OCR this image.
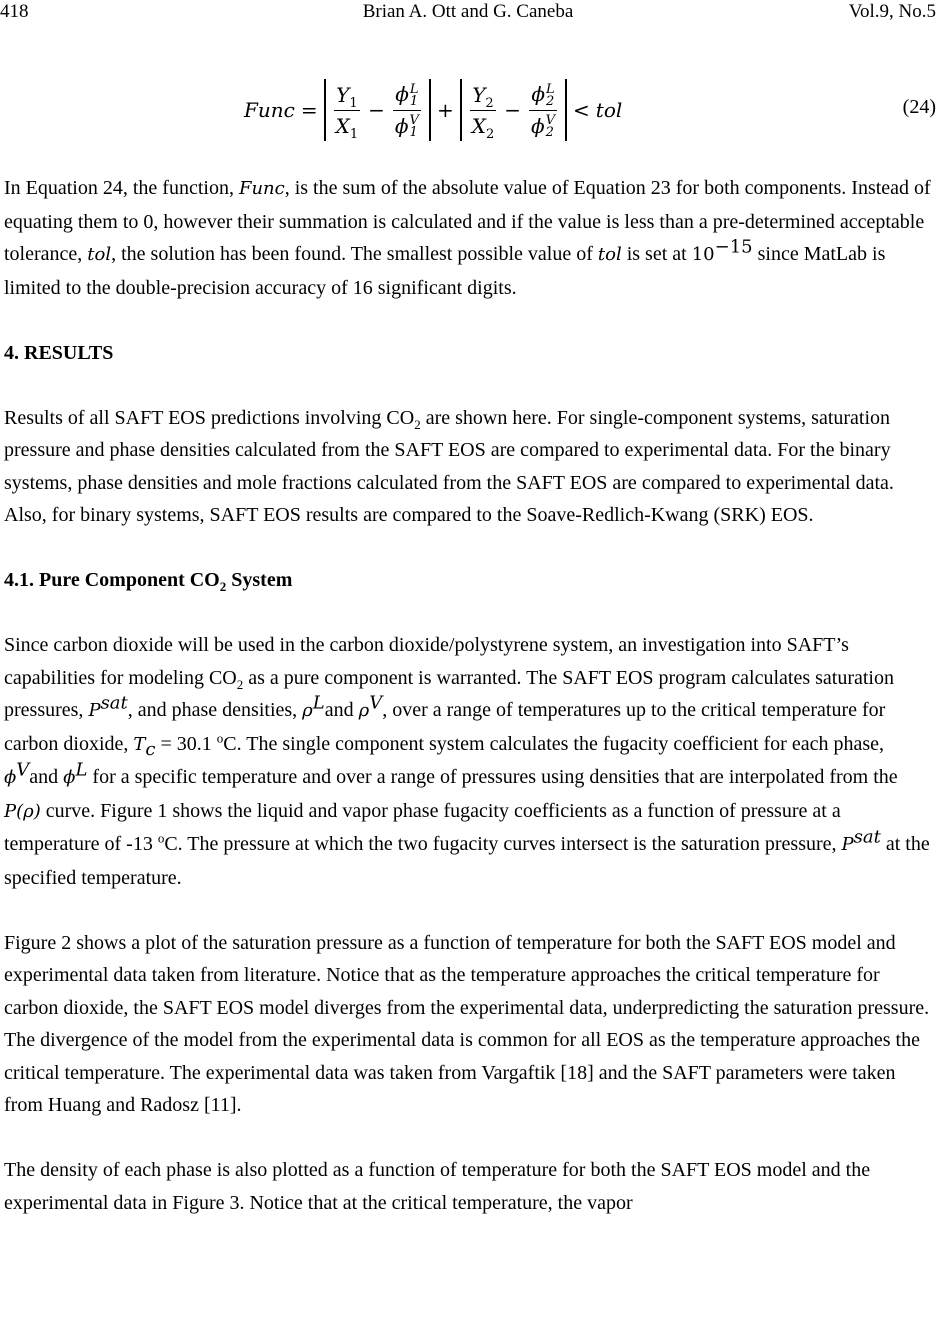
418	Brian A. Ott and G. Caneba	Vol.9, No.5
Func = $\frac{Y_1}{X_1} - \phi$ L
1
ϕ V
$1 + \frac{Y_2}{X_2} - \phi$ L
2
ϕ V
2 < tol	(24)

In Equation 24, the function, Func, is the sum of the absolute value of Equation 23 for both components. Instead of equating them to 0, however their summation is calculated and if the value is less than a pre-determined acceptable tolerance, tol, the solution has been found. The smallest possible value of tol is set at $10^{-15}$ since MatLab is limited to the double-precision accuracy of 16 significant digits.

4. RESULTS

Results of all SAFT EOS predictions involving $CO_2$ are shown here. For single-component systems, saturation pressure and phase densities calculated from the SAFT EOS are compared to experimental data. For the binary systems, phase densities and mole fractions calculated from the SAFT EOS are compared to experimental data. Also, for binary systems, SAFT EOS results are compared to the Soave-Redlich-Kwang (SRK) EOS.

4.1. Pure Component $CO_2$ System

Since carbon dioxide will be used in the carbon dioxide/polystyrene system, an investigation into SAFT’s capabilities for modeling $CO_2$ as a pure component is warranted. The SAFT EOS program calculates saturation pressures, $P^{sat}$, and phase densities, $\rho^Land$ $\rho^V$, over a range of temperatures up to the critical temperature for carbon dioxide, $T_c = 30.1$ $^o$C. The single component system calculates the fugacity coefficient for each phase, $\phi^Vand$ $\phi^L$ for a specific temperature and over a range of pressures using densities that are interpolated from the P(ρ) curve. Figure 1 shows the liquid and vapor phase fugacity coefficients as a function of pressure at a temperature of -13 $^o$C. The pressure at which the two fugacity curves intersect is the saturation pressure, $P^{sat}$ at the specified temperature.

Figure 2 shows a plot of the saturation pressure as a function of temperature for both the SAFT EOS model and experimental data taken from literature. Notice that as the temperature approaches the critical temperature for carbon dioxide, the SAFT EOS model diverges from the experimental data, underpredicting the saturation pressure. The divergence of the model from the experimental data is common for all EOS as the temperature approaches the critical temperature. The experimental data was taken from Vargaftik [18] and the SAFT parameters were taken from Huang and Radosz [11].

The density of each phase is also plotted as a function of temperature for both the SAFT EOS model and the experimental data in Figure 3. Notice that at the critical temperature, the vapor
